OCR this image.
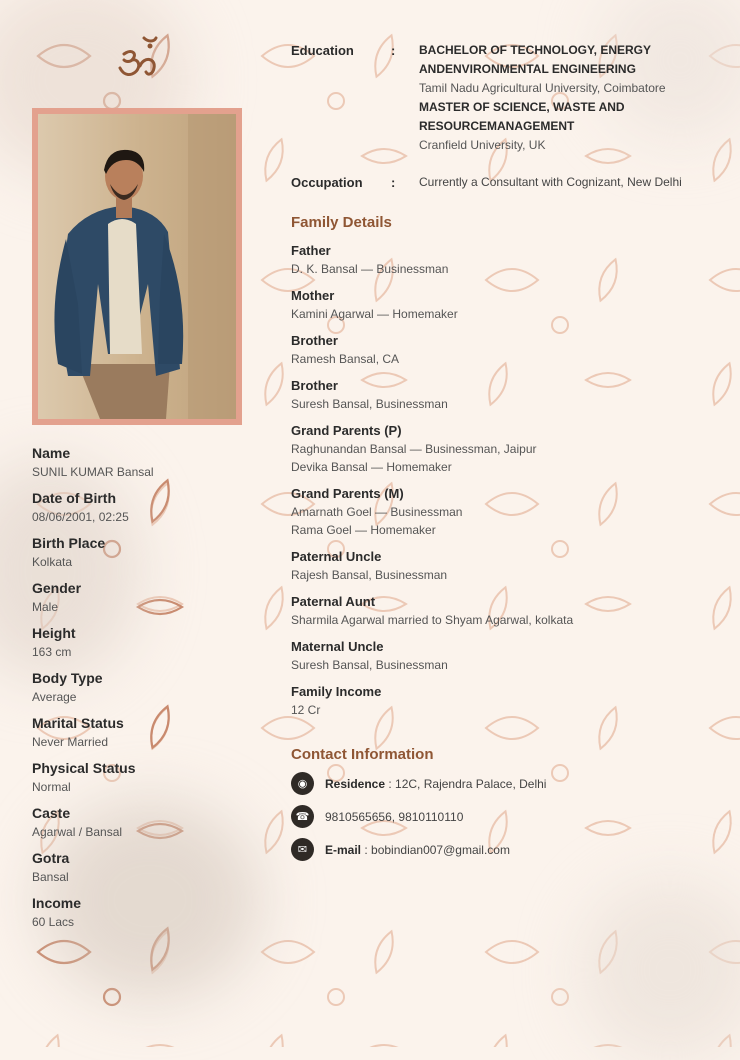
Name
SUNIL KUMAR Bansal
Date of Birth
08/06/2001, 02:25
Birth Place
Kolkata
Gender
Male
Height
163 cm
Body Type
Average
Marital Status
Never Married
Physical Status
Normal
Caste
Agarwal / Bansal
Gotra
Bansal
Income
60 Lacs
Education	:	BACHELOR OF TECHNOLOGY, ENERGY
ANDENVIRONMENTAL ENGINEERING
Tamil Nadu Agricultural University, Coimbatore
MASTER OF SCIENCE, WASTE AND
RESOURCEMANAGEMENT
Cranfield University, UK
Occupation	:	Currently a Consultant with Cognizant, New Delhi
Family Details
Father
D. K. Bansal — Businessman
Mother
Kamini Agarwal — Homemaker
Brother
Ramesh Bansal, CA
Brother
Suresh Bansal, Businessman
Grand Parents (P)
Raghunandan Bansal — Businessman, Jaipur
Devika Bansal — Homemaker
Grand Parents (M)
Amarnath Goel — Businessman
Rama Goel — Homemaker
Paternal Uncle
Rajesh Bansal, Businessman
Paternal Aunt
Sharmila Agarwal married to Shyam Agarwal, kolkata
Maternal Uncle
Suresh Bansal, Businessman
Family Income
12 Cr
Contact Information
◉	Residence : 12C, Rajendra Palace, Delhi
☎	9810565656, 9810110110
✉	E-mail : bobindian007@gmail.com
